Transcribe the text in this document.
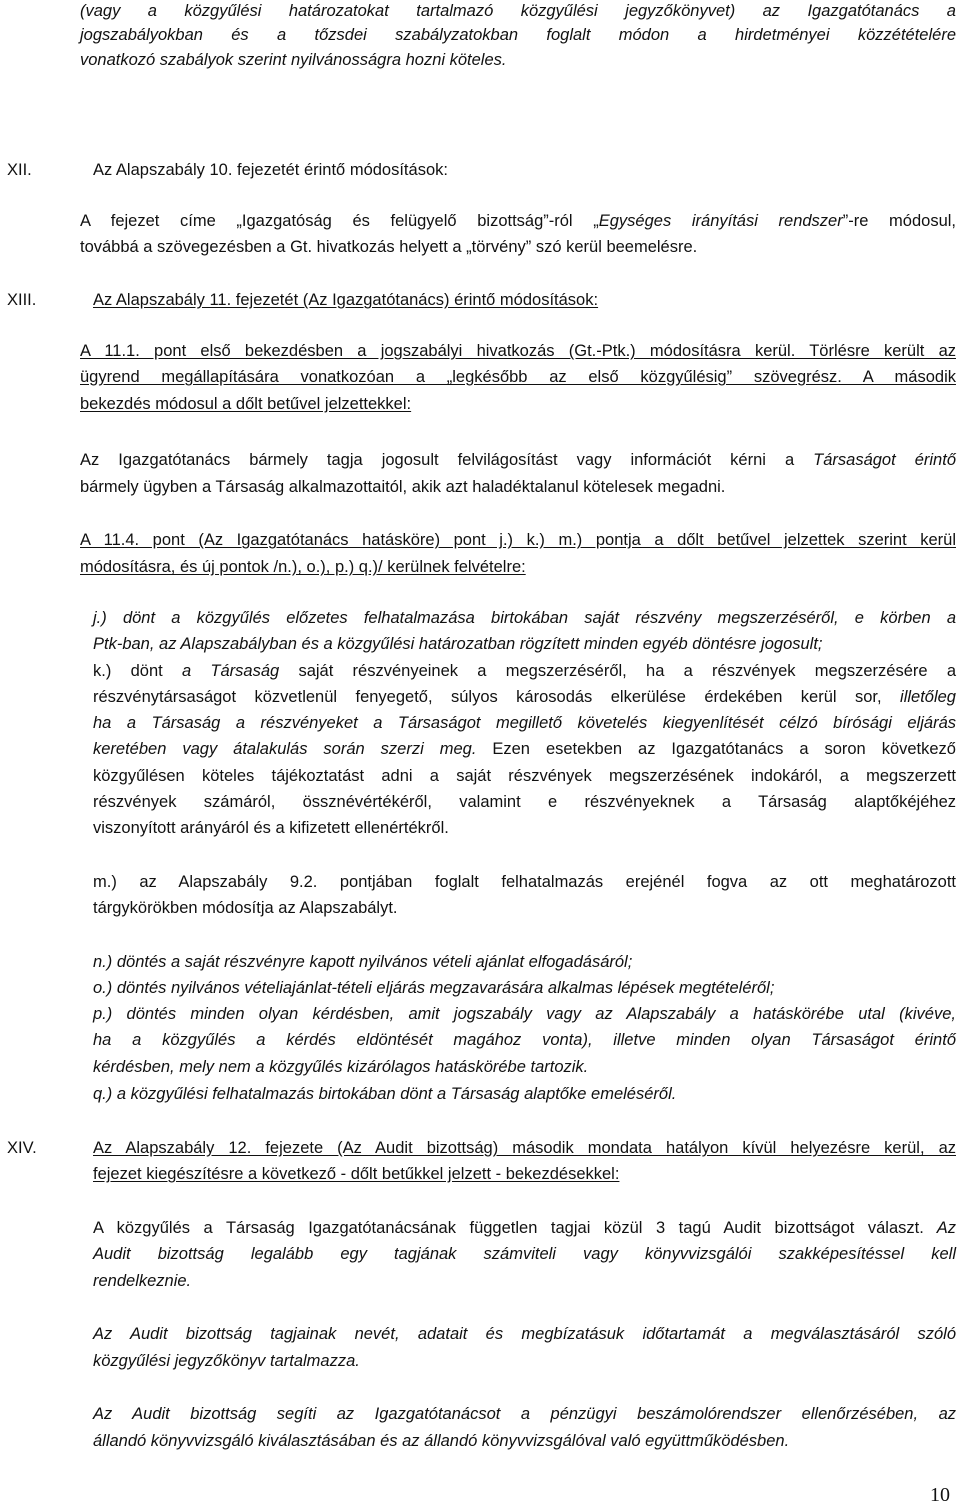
(vagy a közgyűlési határozatokat tartalmazó közgyűlési jegyzőkönyvet) az Igazgatótanács a
jogszabályokban és a tőzsdei szabályzatokban foglalt módon a hirdetményei közzétételére
vonatkozó szabályok szerint nyilvánosságra hozni köteles.
XII.	Az Alapszabály 10. fejezetét érintő módosítások:
A fejezet címe „Igazgatóság és felügyelő bizottság”-ról „Egységes irányítási rendszer”-re módosul,
továbbá a szövegezésben a Gt. hivatkozás helyett a „törvény” szó kerül beemelésre.
XIII.	Az Alapszabály 11. fejezetét (Az Igazgatótanács) érintő módosítások:
A 11.1. pont első bekezdésben a jogszabályi hivatkozás (Gt.-Ptk.) módosításra kerül. Törlésre került az
ügyrend megállapítására vonatkozóan a „legkésőbb az első közgyűlésig” szövegrész. A második
bekezdés módosul a dőlt betűvel jelzettekkel:
Az Igazgatótanács bármely tagja jogosult felvilágosítást vagy információt kérni a Társaságot érintő
bármely ügyben a Társaság alkalmazottaitól, akik azt haladéktalanul kötelesek megadni.
A 11.4. pont (Az Igazgatótanács hatásköre) pont j.) k.) m.) pontja a dőlt betűvel jelzettek szerint kerül
módosításra, és új pontok /n.), o.), p.) q.)/ kerülnek felvételre:
j.) dönt a közgyűlés előzetes felhatalmazása birtokában saját részvény megszerzéséről, e körben a
Ptk-ban, az Alapszabályban és a közgyűlési határozatban rögzített minden egyéb döntésre jogosult;
k.) dönt a Társaság saját részvényeinek a megszerzéséről, ha a részvények megszerzésére a
részvénytársaságot közvetlenül fenyegető, súlyos károsodás elkerülése érdekében kerül sor, illetőleg
ha a Társaság a részvényeket a Társaságot megillető követelés kiegyenlítését célzó bírósági eljárás
keretében vagy átalakulás során szerzi meg. Ezen esetekben az Igazgatótanács a soron következő
közgyűlésen köteles tájékoztatást adni a saját részvények megszerzésének indokáról, a megszerzett
részvények számáról, össznévértékéről, valamint e részvényeknek a Társaság alaptőkéjéhez
viszonyított arányáról és a kifizetett ellenértékről.
m.) az Alapszabály 9.2. pontjában foglalt felhatalmazás erejénél fogva az ott meghatározott
tárgykörökben módosítja az Alapszabályt.
n.) döntés a saját részvényre kapott nyilvános vételi ajánlat elfogadásáról;
o.) döntés nyilvános vételiajánlat-tételi eljárás megzavarására alkalmas lépések megtételéről;
p.) döntés minden olyan kérdésben, amit jogszabály vagy az Alapszabály a hatáskörébe utal (kivéve,
ha a közgyűlés a kérdés eldöntését magához vonta), illetve minden olyan Társaságot érintő
kérdésben, mely nem a közgyűlés kizárólagos hatáskörébe tartozik.
q.) a közgyűlési felhatalmazás birtokában dönt a Társaság alaptőke emeléséről.
XIV.	Az Alapszabály 12. fejezete (Az Audit bizottság) második mondata hatályon kívül helyezésre kerül, az
fejezet kiegészítésre a következő - dőlt betűkkel jelzett - bekezdésekkel:
A közgyűlés a Társaság Igazgatótanácsának független tagjai közül 3 tagú Audit bizottságot választ. Az
Audit bizottság legalább egy tagjának számviteli vagy könyvvizsgálói szakképesítéssel kell
rendelkeznie.
Az Audit bizottság tagjainak nevét, adatait és megbízatásuk időtartamát a megválasztásáról szóló
közgyűlési jegyzőkönyv tartalmazza.
Az Audit bizottság segíti az Igazgatótanácsot a pénzügyi beszámolórendszer ellenőrzésében, az
állandó könyvvizsgáló kiválasztásában és az állandó könyvvizsgálóval való együttműködésben.
10
